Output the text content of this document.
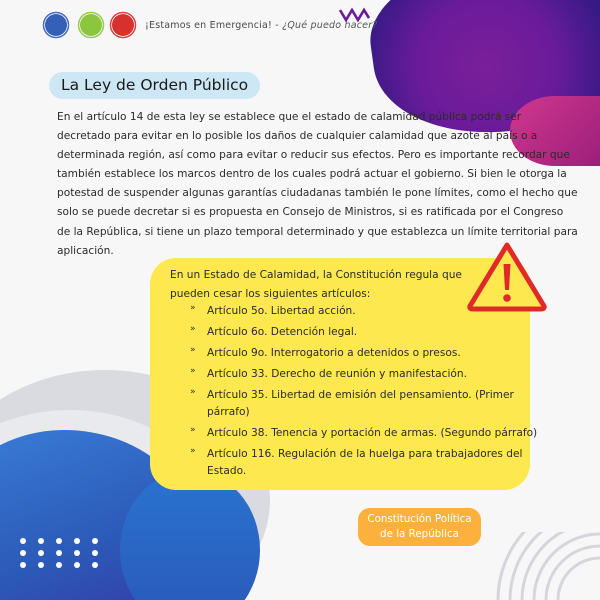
¡Estamos en Emergencia! - ¿Qué puedo hacer?
La Ley de Orden Público
En el artículo 14 de esta ley se establece que el estado de calamidad pública podrá ser
decretado para evitar en lo posible los daños de cualquier calamidad que azote al país o a
determinada región, así como para evitar o reducir sus efectos. Pero es importante recordar que
también establece los marcos dentro de los cuales podrá actuar el gobierno. Si bien le otorga la
potestad de suspender algunas garantías ciudadanas también le pone límites, como el hecho que
solo se puede decretar si es propuesta en Consejo de Ministros, si es ratificada por el Congreso
de la República, si tiene un plazo temporal determinado y que establezca un límite territorial para
aplicación.
En un Estado de Calamidad, la Constitución regula que
pueden cesar los siguientes artículos:
» Artículo 5o. Libertad acción.
» Artículo 6o. Detención legal.
» Artículo 9o. Interrogatorio a detenidos o presos.
» Artículo 33. Derecho de reunión y manifestación.
» Artículo 35. Libertad de emisión del pensamiento. (Primer
párrafo)
» Artículo 38. Tenencia y portación de armas. (Segundo párrafo)
» Artículo 116. Regulación de la huelga para trabajadores del
Estado.
Constitución Política
de la República
